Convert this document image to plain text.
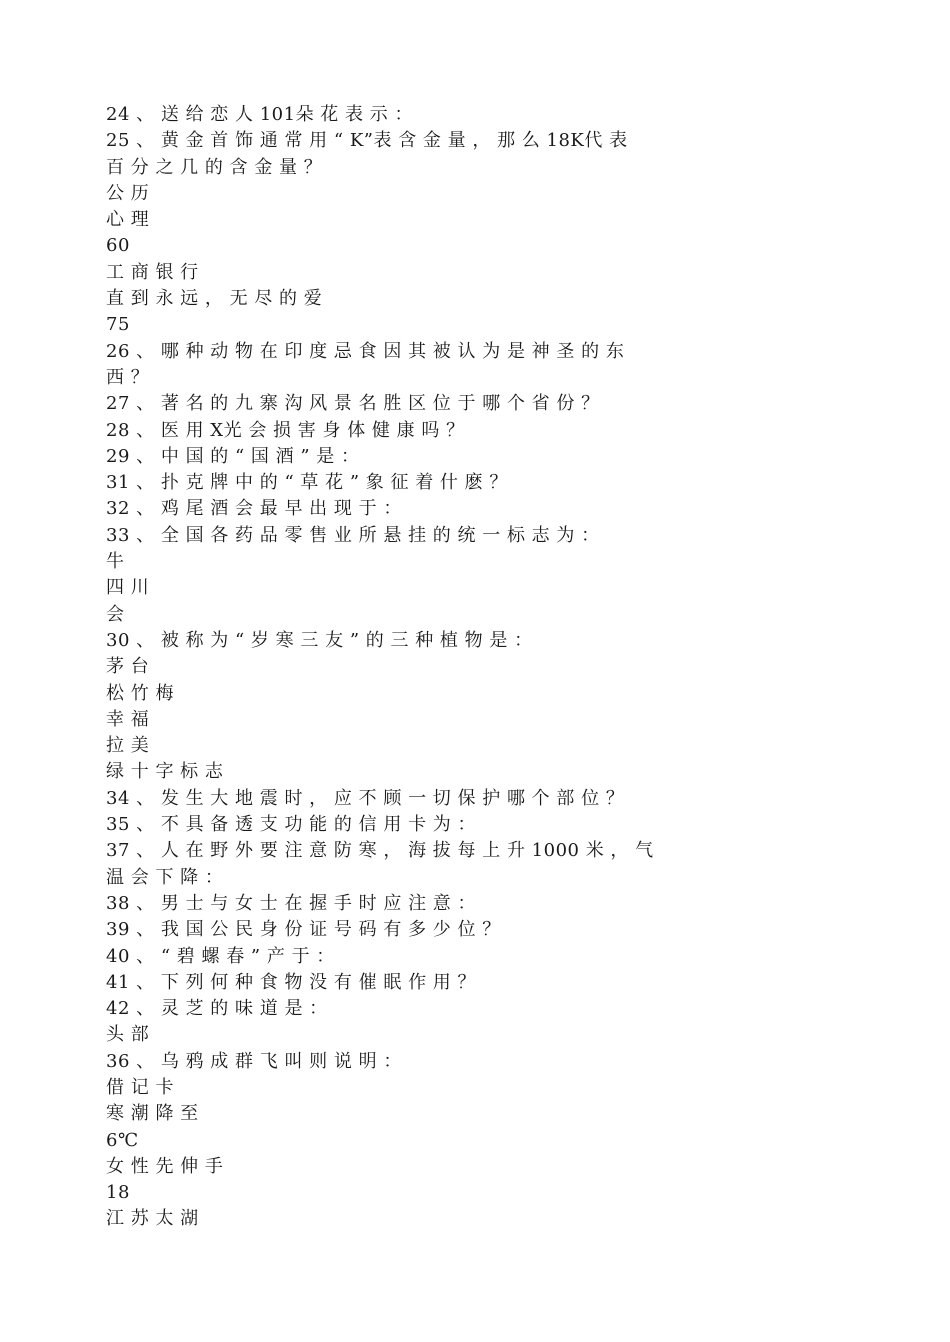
24 、 送 给 恋 人 101朵 花 表 示 ：
25 、 黄 金 首 饰 通 常 用 “ K”表 含 金 量 ， 那 么 18K代 表
百 分 之 几 的 含 金 量 ？
公 历
心 理
60
工 商 银 行
直 到 永 远 ， 无 尽 的 爱
75
26 、 哪 种 动 物 在 印 度 忌 食 因 其 被 认 为 是 神 圣 的 东
西 ？
27 、 著 名 的 九 寨 沟 风 景 名 胜 区 位 于 哪 个 省 份 ？
28 、 医 用 X光 会 损 害 身 体 健 康 吗 ？
29 、 中 国 的 “ 国 酒 ” 是 ：
31 、 扑 克 牌 中 的 “ 草 花 ” 象 征 着 什 麽 ？
32 、 鸡 尾 酒 会 最 早 出 现 于 ：
33 、 全 国 各 药 品 零 售 业 所 悬 挂 的 统 一 标 志 为 ：
牛
四 川
会
30 、 被 称 为 “ 岁 寒 三 友 ” 的 三 种 植 物 是 ：
茅 台
松 竹 梅
幸 福
拉 美
绿 十 字 标 志
34 、 发 生 大 地 震 时 ， 应 不 顾 一 切 保 护 哪 个 部 位 ？
35 、 不 具 备 透 支 功 能 的 信 用 卡 为 ：
37 、 人 在 野 外 要 注 意 防 寒 ， 海 拔 每 上 升 1000 米 ， 气
温 会 下 降 ：
38 、 男 士 与 女 士 在 握 手 时 应 注 意 ：
39 、 我 国 公 民 身 份 证 号 码 有 多 少 位 ？
40 、 “ 碧 螺 春 ” 产 于 ：
41 、 下 列 何 种 食 物 没 有 催 眠 作 用 ？
42 、 灵 芝 的 味 道 是 ：
头 部
36 、 乌 鸦 成 群 飞 叫 则 说 明 ：
借 记 卡
寒 潮 降 至
6℃
女 性 先 伸 手
18
江 苏 太 湖
